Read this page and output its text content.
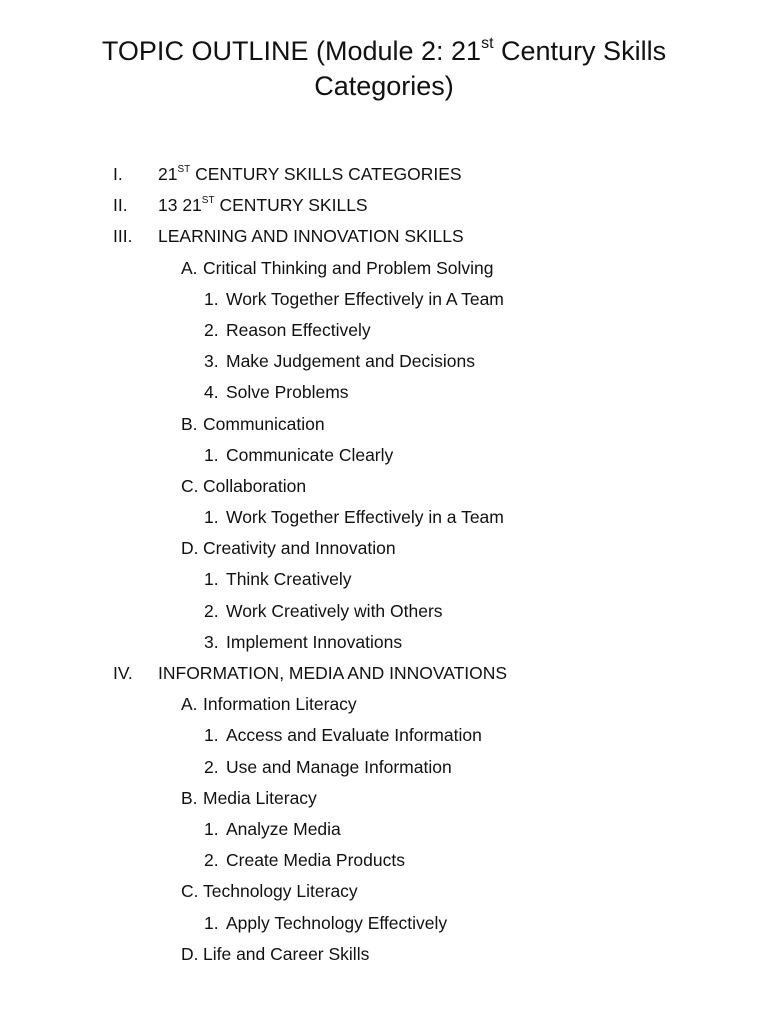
TOPIC OUTLINE (Module 2: 21st Century Skills
Categories)
I. 21ST CENTURY SKILLS CATEGORIES
II. 13 21ST CENTURY SKILLS
III. LEARNING AND INNOVATION SKILLS
A. Critical Thinking and Problem Solving
1. Work Together Effectively in A Team
2. Reason Effectively
3. Make Judgement and Decisions
4. Solve Problems
B. Communication
1. Communicate Clearly
C. Collaboration
1. Work Together Effectively in a Team
D. Creativity and Innovation
1. Think Creatively
2. Work Creatively with Others
3. Implement Innovations
IV. INFORMATION, MEDIA AND INNOVATIONS
A. Information Literacy
1. Access and Evaluate Information
2. Use and Manage Information
B. Media Literacy
1. Analyze Media
2. Create Media Products
C. Technology Literacy
1. Apply Technology Effectively
D. Life and Career Skills
